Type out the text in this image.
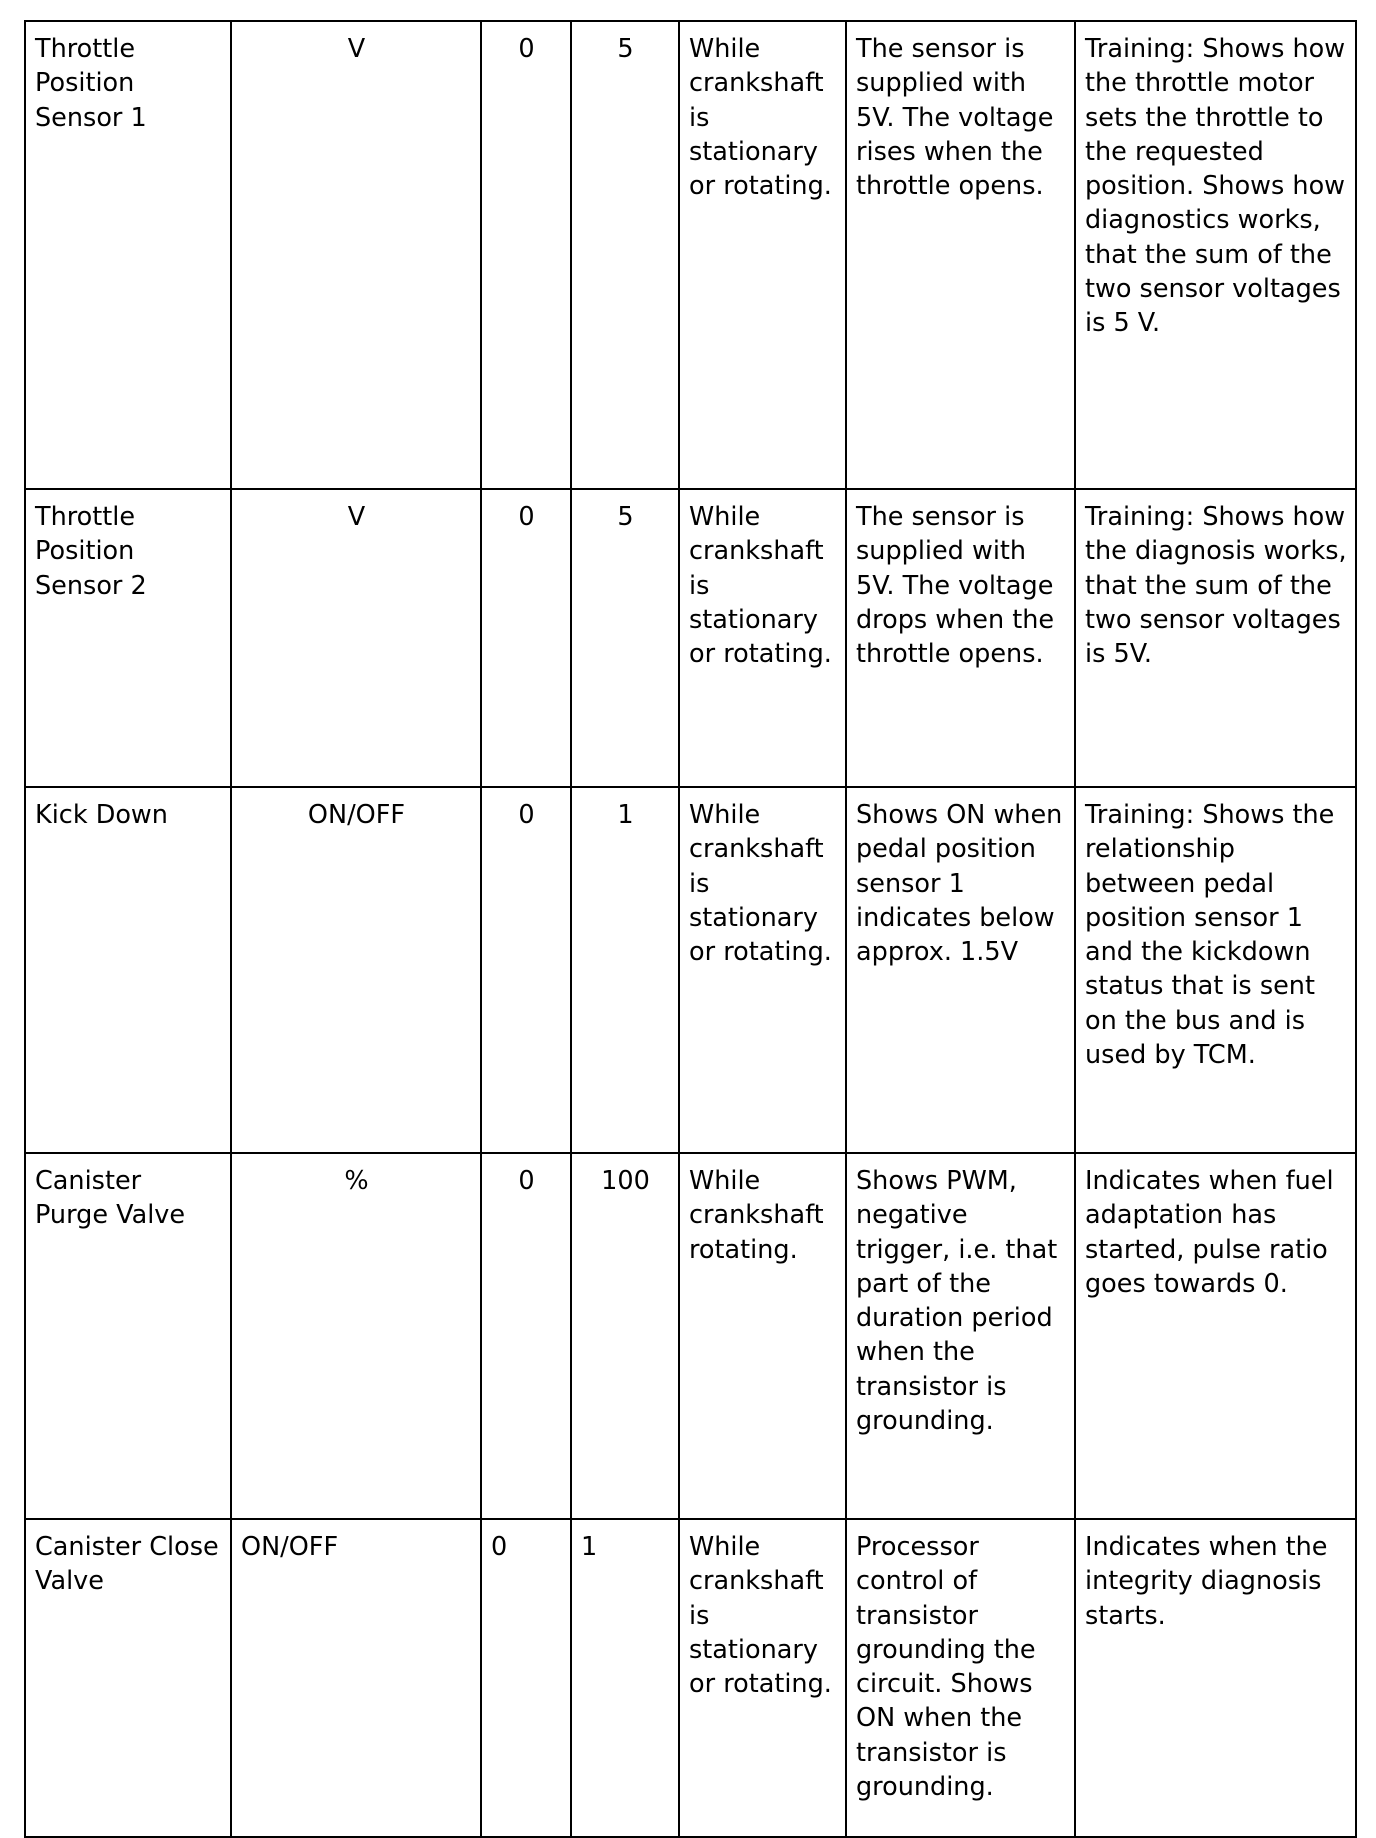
Throttle Position Sensor 1	V	0	5	While crankshaft is stationary or rotating.	The sensor is supplied with 5V. The voltage rises when the throttle opens.	Training: Shows how the throttle motor sets the throttle to the requested position. Shows how diagnostics works, that the sum of the two sensor voltages is 5 V.
Throttle Position Sensor 2	V	0	5	While crankshaft is stationary or rotating.	The sensor is supplied with 5V. The voltage drops when the throttle opens.	Training: Shows how the diagnosis works, that the sum of the two sensor voltages is 5V.
Kick Down	ON/OFF	0	1	While crankshaft is stationary or rotating.	Shows ON when pedal position sensor 1 indicates below approx. 1.5V	Training: Shows the relationship between pedal position sensor 1 and the kickdown status that is sent on the bus and is used by TCM.
Canister Purge Valve	%	0	100	While crankshaft rotating.	Shows PWM, negative trigger, i.e. that part of the duration period when the transistor is grounding.	Indicates when fuel adaptation has started, pulse ratio goes towards 0.
Canister Close Valve	ON/OFF	0	1	While crankshaft is stationary or rotating.	Processor control of transistor grounding the circuit. Shows ON when the transistor is grounding.	Indicates when the integrity diagnosis starts.
